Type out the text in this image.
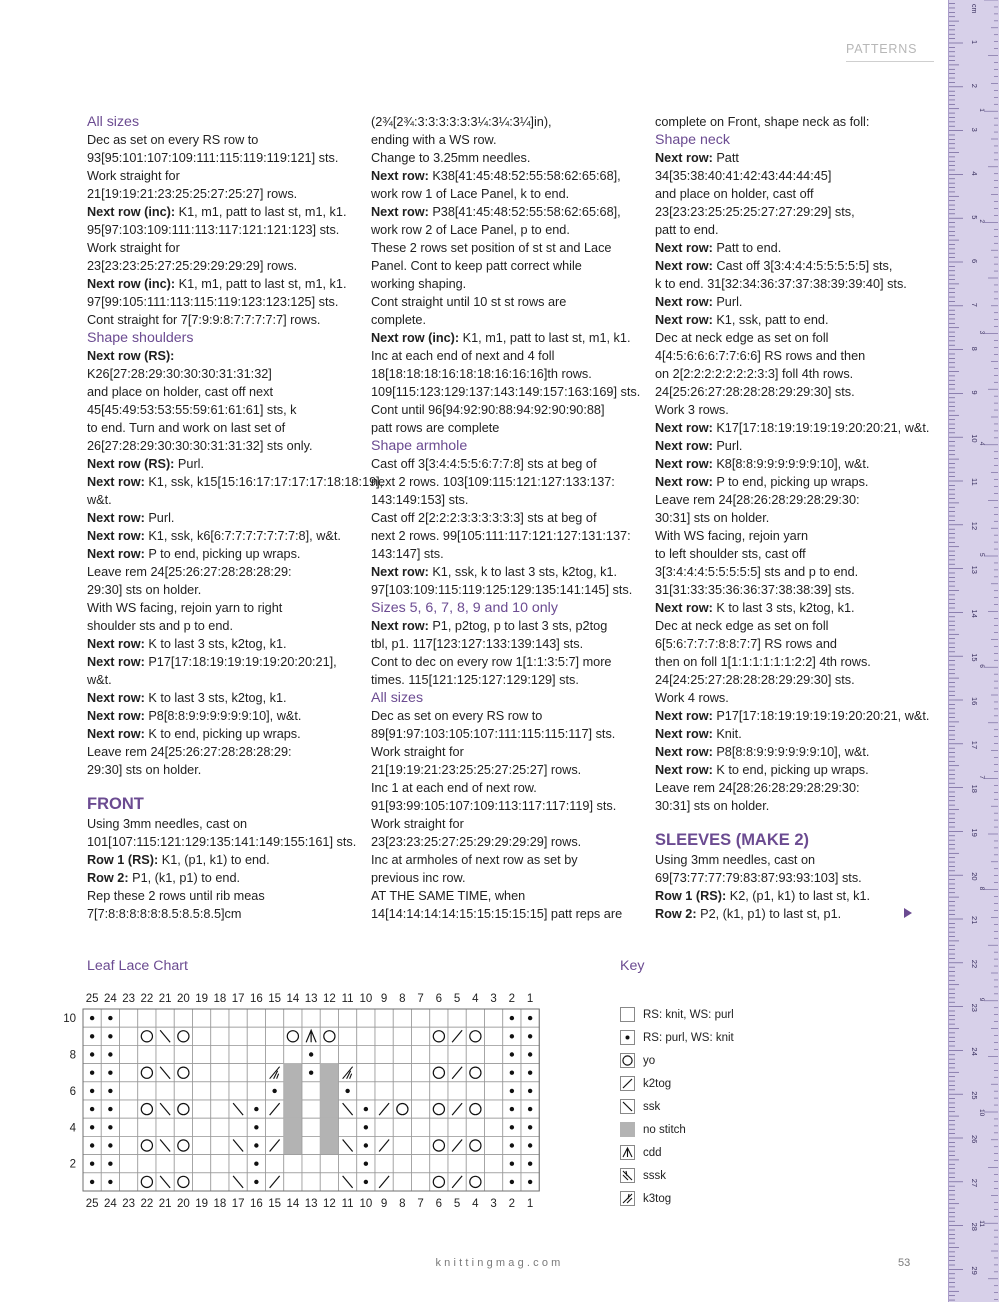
PATTERNS
All sizes
Dec as set on every RS row to
93[95:101:107:109:111:115:119:119:121] sts.
Work straight for
21[19:19:21:23:25:25:27:25:27] rows.
Next row (inc): K1, m1, patt to last st, m1, k1.
95[97:103:109:111:113:117:121:121:123] sts.
Work straight for
23[23:23:25:27:25:29:29:29:29] rows.
Next row (inc): K1, m1, patt to last st, m1, k1.
97[99:105:111:113:115:119:123:123:125] sts.
Cont straight for 7[7:9:9:8:7:7:7:7:7] rows.
Shape shoulders
Next row (RS):
K26[27:28:29:30:30:30:31:31:32]
and place on holder, cast off next
45[45:49:53:53:55:59:61:61:61] sts, k
to end. Turn and work on last set of
26[27:28:29:30:30:30:31:31:32] sts only.
Next row (RS): Purl.
Next row: K1, ssk, k15[15:16:17:17:17:17:18:18:19],
w&t.
Next row: Purl.
Next row: K1, ssk, k6[6:7:7:7:7:7:7:7:8], w&t.
Next row: P to end, picking up wraps.
Leave rem 24[25:26:27:28:28:28:29:
29:30] sts on holder.
With WS facing, rejoin yarn to right
shoulder sts and p to end.
Next row: K to last 3 sts, k2tog, k1.
Next row: P17[17:18:19:19:19:19:20:20:21],
w&t.
Next row: K to last 3 sts, k2tog, k1.
Next row: P8[8:8:9:9:9:9:9:9:10], w&t.
Next row: K to end, picking up wraps.
Leave rem 24[25:26:27:28:28:28:29:
29:30] sts on holder.
FRONT
Using 3mm needles, cast on
101[107:115:121:129:135:141:149:155:161] sts.
Row 1 (RS): K1, (p1, k1) to end.
Row 2: P1, (k1, p1) to end.
Rep these 2 rows until rib meas
7[7:8:8:8:8:8:8.5:8.5:8.5]cm
(2¾[2¾:3:3:3:3:3:3¼:3¼:3¼]in),
ending with a WS row.
Change to 3.25mm needles.
Next row: K38[41:45:48:52:55:58:62:65:68],
work row 1 of Lace Panel, k to end.
Next row: P38[41:45:48:52:55:58:62:65:68],
work row 2 of Lace Panel, p to end.
These 2 rows set position of st st and Lace
Panel. Cont to keep patt correct while
working shaping.
Cont straight until 10 st st rows are
complete.
Next row (inc): K1, m1, patt to last st, m1, k1.
Inc at each end of next and 4 foll
18[18:18:18:16:18:18:16:16:16]th rows.
109[115:123:129:137:143:149:157:163:169] sts.
Cont until 96[94:92:90:88:94:92:90:90:88]
patt rows are complete
Shape armhole
Cast off 3[3:4:4:5:5:6:7:7:8] sts at beg of
next 2 rows. 103[109:115:121:127:133:137:
143:149:153] sts.
Cast off 2[2:2:2:3:3:3:3:3:3] sts at beg of
next 2 rows. 99[105:111:117:121:127:131:137:
143:147] sts.
Next row: K1, ssk, k to last 3 sts, k2tog, k1.
97[103:109:115:119:125:129:135:141:145] sts.
Sizes 5, 6, 7, 8, 9 and 10 only
Next row: P1, p2tog, p to last 3 sts, p2tog
tbl, p1. 117[123:127:133:139:143] sts.
Cont to dec on every row 1[1:1:3:5:7] more
times. 115[121:125:127:129:129] sts.
All sizes
Dec as set on every RS row to
89[91:97:103:105:107:111:115:115:117] sts.
Work straight for
21[19:19:21:23:25:25:27:25:27] rows.
Inc 1 at each end of next row.
91[93:99:105:107:109:113:117:117:119] sts.
Work straight for
23[23:23:25:27:25:29:29:29:29] rows.
Inc at armholes of next row as set by
previous inc row.
AT THE SAME TIME, when
14[14:14:14:14:15:15:15:15:15] patt reps are
complete on Front, shape neck as foll:
Shape neck
Next row: Patt
34[35:38:40:41:42:43:44:44:45]
and place on holder, cast off
23[23:23:25:25:25:27:27:29:29] sts,
patt to end.
Next row: Patt to end.
Next row: Cast off 3[3:4:4:4:5:5:5:5:5] sts,
k to end. 31[32:34:36:37:37:38:39:39:40] sts.
Next row: Purl.
Next row: K1, ssk, patt to end.
Dec at neck edge as set on foll
4[4:5:6:6:6:7:7:6:6] RS rows and then
on 2[2:2:2:2:2:2:2:3:3] foll 4th rows.
24[25:26:27:28:28:28:29:29:30] sts.
Work 3 rows.
Next row: K17[17:18:19:19:19:19:20:20:21, w&t.
Next row: Purl.
Next row: K8[8:8:9:9:9:9:9:9:10], w&t.
Next row: P to end, picking up wraps.
Leave rem 24[28:26:28:29:28:29:30:
30:31] sts on holder.
With WS facing, rejoin yarn
to left shoulder sts, cast off
3[3:4:4:4:5:5:5:5:5] sts and p to end.
31[31:33:35:36:36:37:38:38:39] sts.
Next row: K to last 3 sts, k2tog, k1.
Dec at neck edge as set on foll
6[5:6:7:7:7:8:8:7:7] RS rows and
then on foll 1[1:1:1:1:1:1:2:2] 4th rows.
24[24:25:27:28:28:28:29:29:30] sts.
Work 4 rows.
Next row: P17[17:18:19:19:19:19:20:20:21, w&t.
Next row: Knit.
Next row: P8[8:8:9:9:9:9:9:9:10], w&t.
Next row: K to end, picking up wraps.
Leave rem 24[28:26:28:29:28:29:30:
30:31] sts on holder.
SLEEVES (MAKE 2)
Using 3mm needles, cast on
69[73:77:77:79:83:87:93:93:103] sts.
Row 1 (RS): K2, (p1, k1) to last st, k1.
Row 2: P2, (k1, p1) to last st, p1.
Leaf Lace Chart
25
25
24
24
23
23
22
22
21
21
20
20
19
19
18
18
17
17
16
16
15
15
14
14
13
13
12
12
11
11
10
10
9
9
8
8
7
7
6
6
5
5
4
4
3
3
2
2
1
1
10
8
6
4
2
Key
RS: knit, WS: purl
RS: purl, WS: knit
yo
k2tog
ssk
no stitch
cdd
sssk
k3tog
knittingmag.com	53
cm
1
2
3
4
5
6
7
8
9
10
11
12
13
14
15
16
17
18
19
20
21
22
23
24
25
26
27
28
29
1
2
3
4
5
6
7
8
9
10
11
